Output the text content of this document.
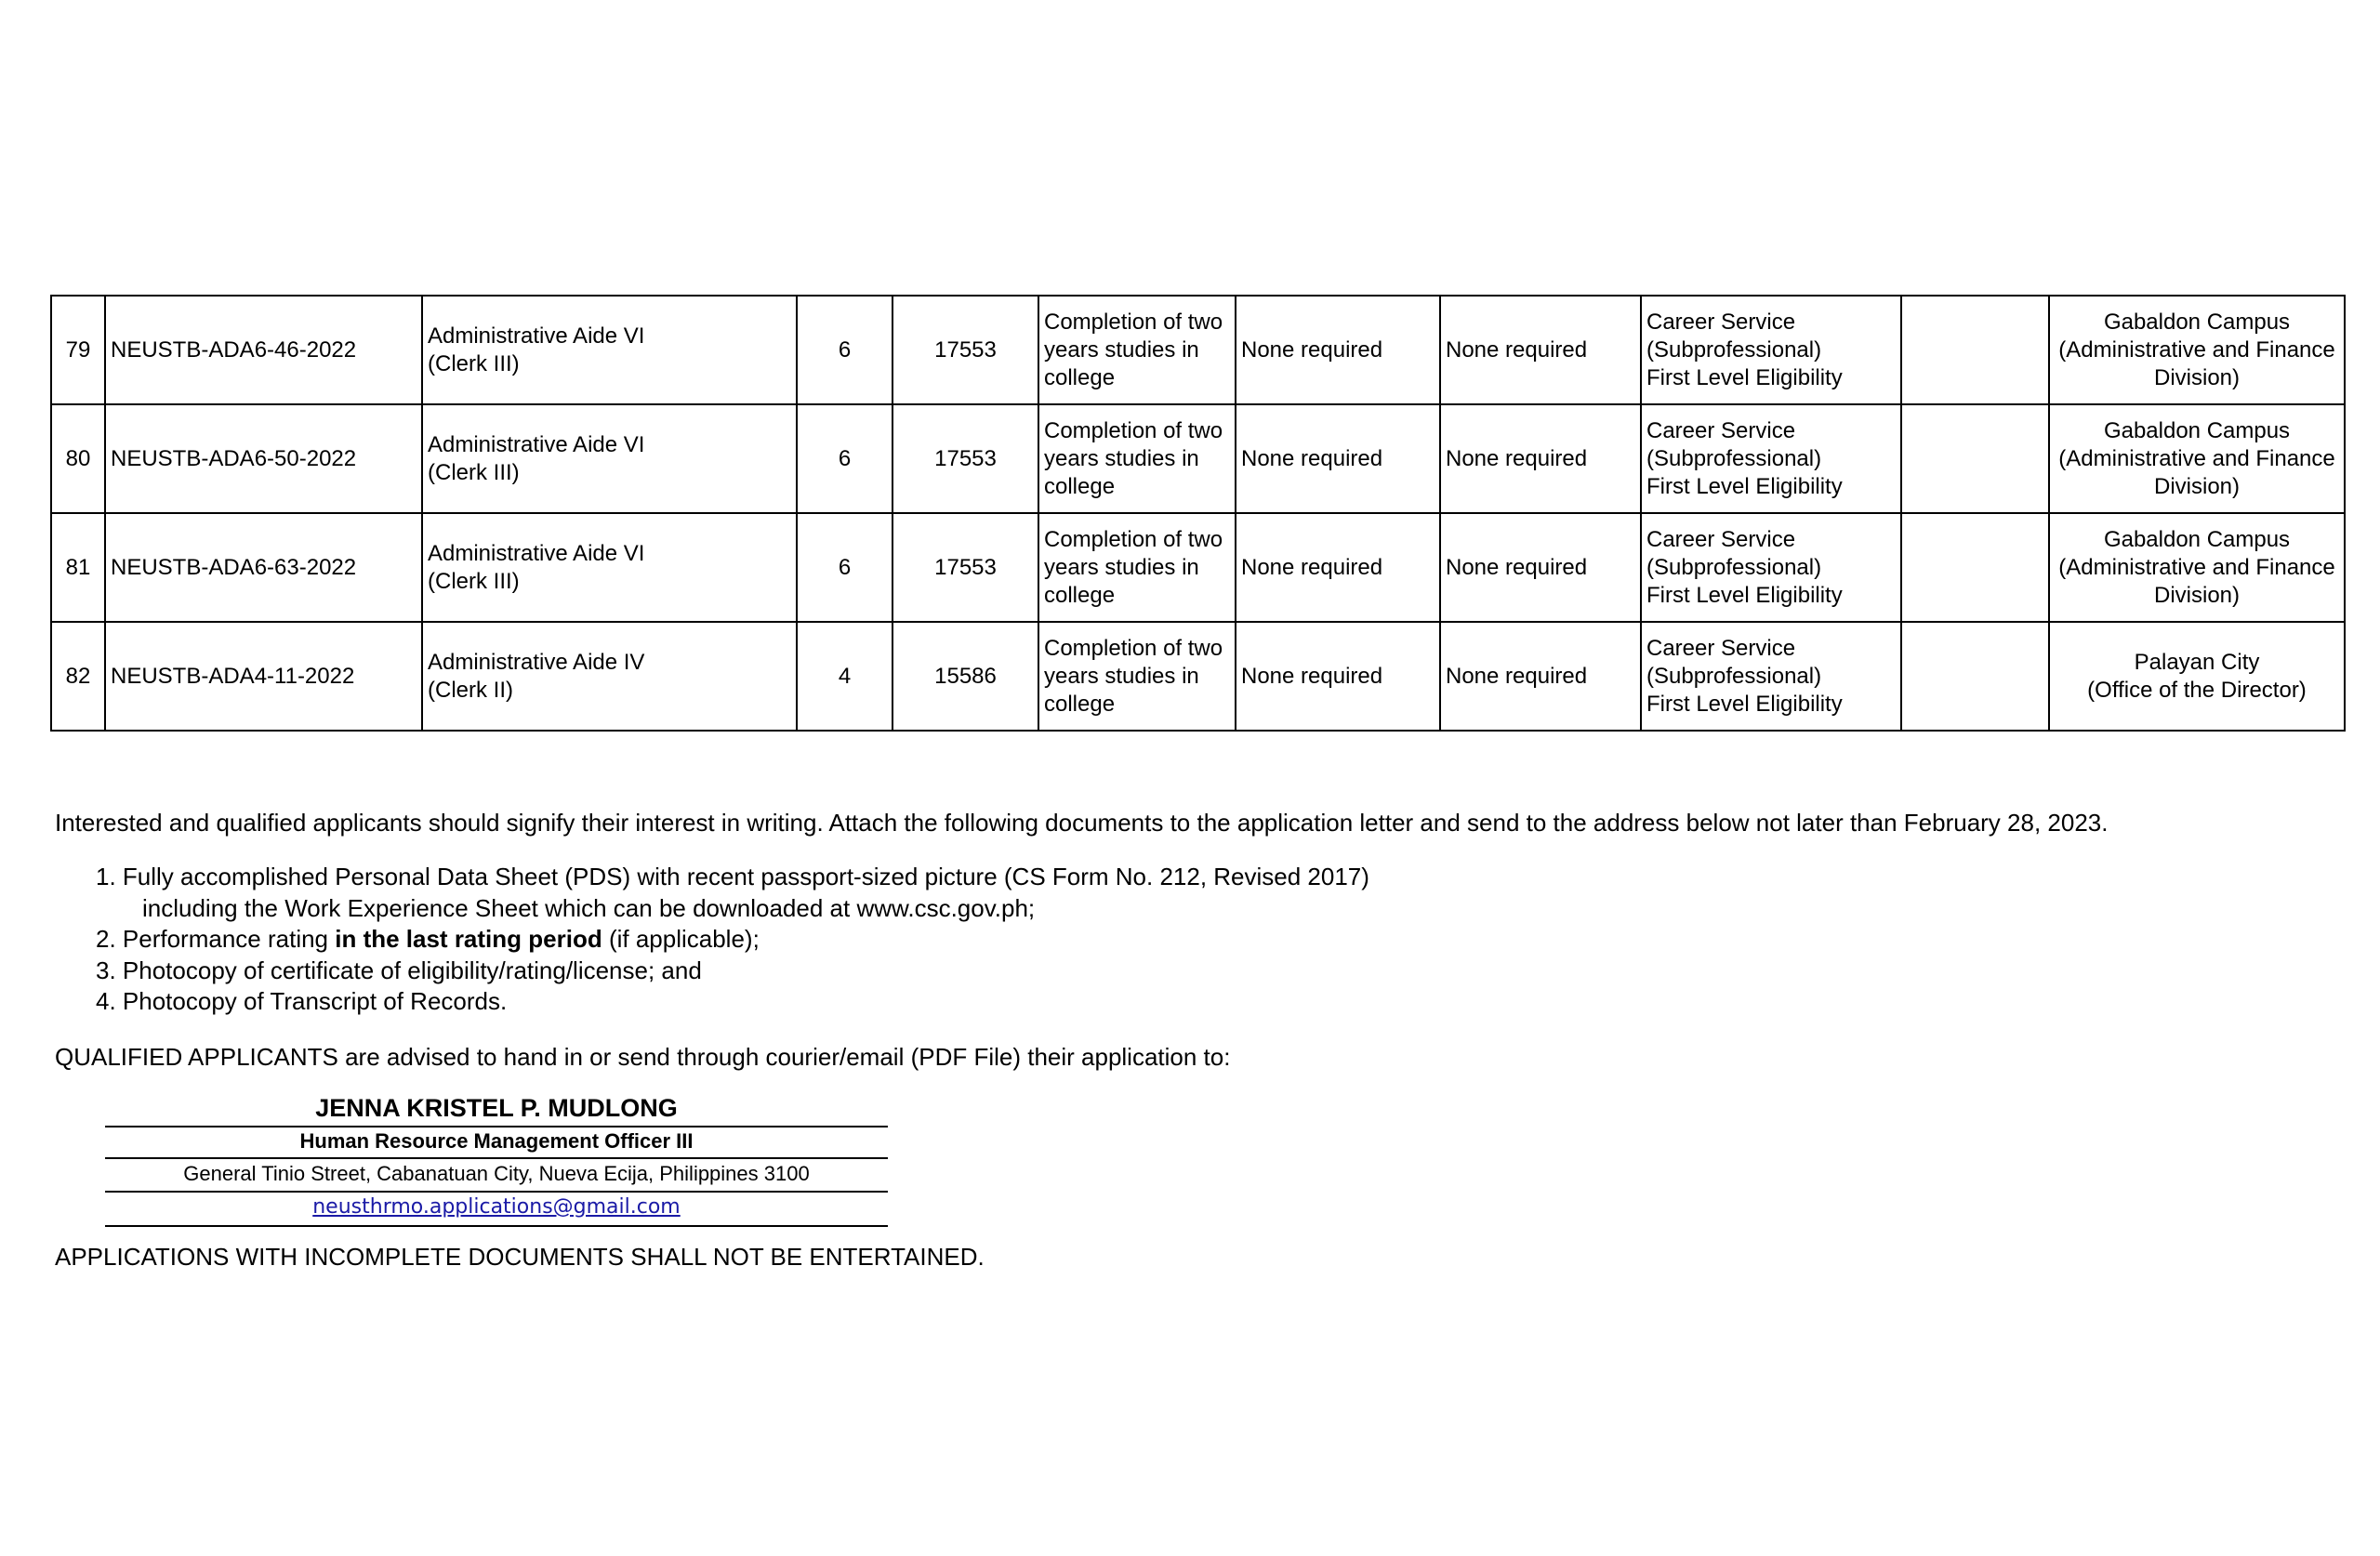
79	NEUSTB-ADA6-46-2022	Administrative Aide VI
(Clerk III)	6	17553	Completion of two
years studies in
college	None required	None required	Career Service
(Subprofessional)
First Level Eligibility		Gabaldon Campus
(Administrative and Finance
Division)

80	NEUSTB-ADA6-50-2022	Administrative Aide VI
(Clerk III)	6	17553	Completion of two
years studies in
college	None required	None required	Career Service
(Subprofessional)
First Level Eligibility		Gabaldon Campus
(Administrative and Finance
Division)

81	NEUSTB-ADA6-63-2022	Administrative Aide VI
(Clerk III)	6	17553	Completion of two
years studies in
college	None required	None required	Career Service
(Subprofessional)
First Level Eligibility		Gabaldon Campus
(Administrative and Finance
Division)

82	NEUSTB-ADA4-11-2022	Administrative Aide IV
(Clerk II)	4	15586	Completion of two
years studies in
college	None required	None required	Career Service
(Subprofessional)
First Level Eligibility		Palayan City
(Office of the Director)
Interested and qualified applicants should signify their interest in writing. Attach the following documents to the application letter and send to the address below not later than February 28, 2023.
1. Fully accomplished Personal Data Sheet (PDS) with recent passport-sized picture (CS Form No. 212, Revised 2017)
including the Work Experience Sheet which can be downloaded at www.csc.gov.ph;
2. Performance rating in the last rating period (if applicable);
3. Photocopy of certificate of eligibility/rating/license; and
4. Photocopy of Transcript of Records.
QUALIFIED APPLICANTS are advised to hand in or send through courier/email (PDF File) their application to:
JENNA KRISTEL P. MUDLONG
Human Resource Management Officer III
General Tinio Street, Cabanatuan City, Nueva Ecija, Philippines 3100
neusthrmo.applications@gmail.com
APPLICATIONS WITH INCOMPLETE DOCUMENTS SHALL NOT BE ENTERTAINED.
